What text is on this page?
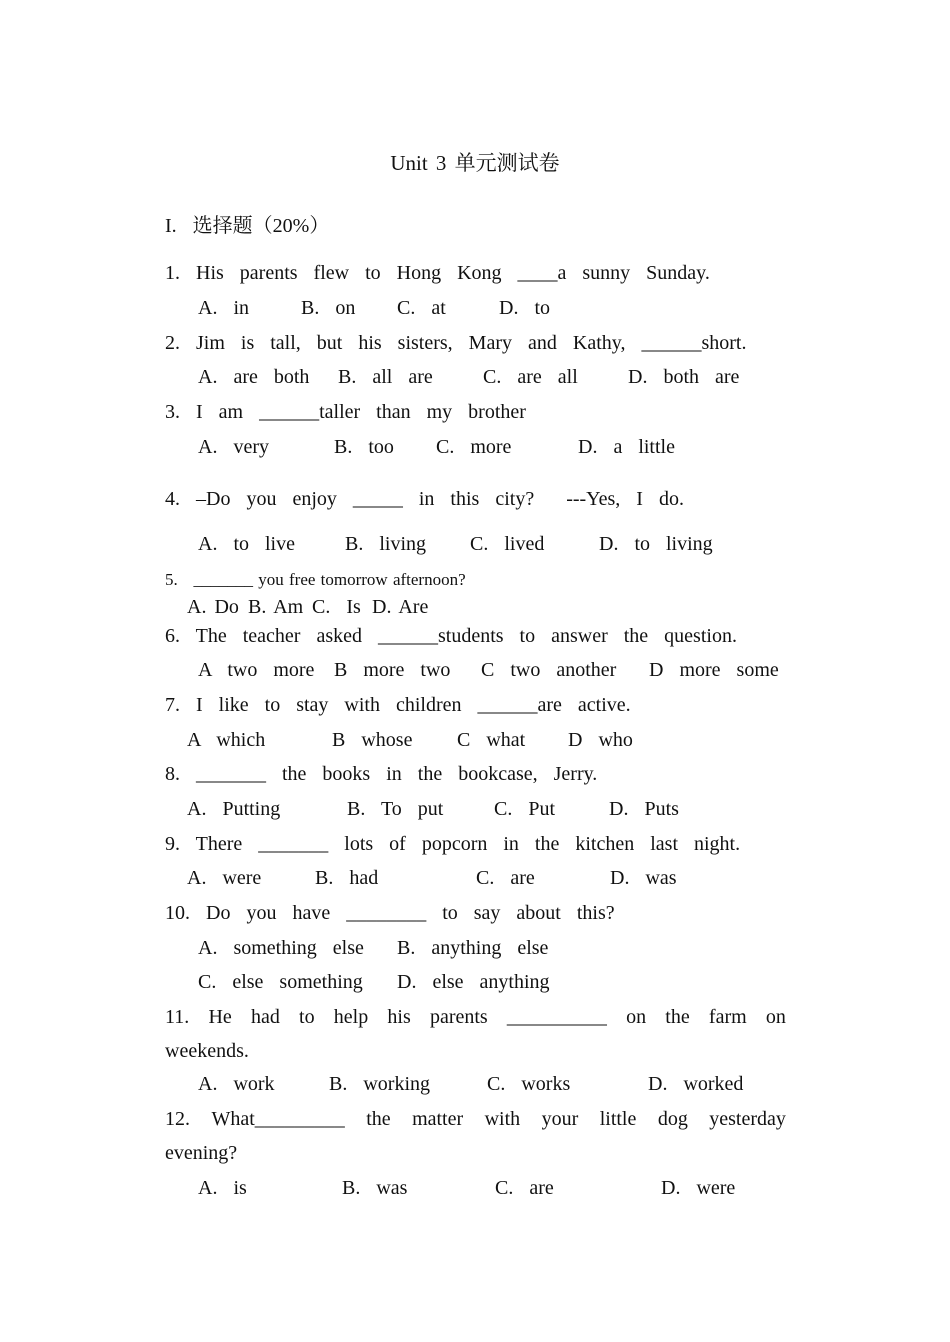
Unit 3 单元测试卷
I.  选择题（20%）
1.  His  parents  flew  to  Hong  Kong  ____a  sunny  Sunday.
A.  in	B.  on C.  at	D.  to
2.  Jim  is  tall,  but  his  sisters,  Mary  and  Kathy,  ______short.
A.  are  both B.  all  are	C.  are  all	D.  both  are
3.  I  am  ______taller  than  my  brother
A.  very	B.  too C.  more	D.  a  little
4.  –Do  you  enjoy  _____  in  this  city?    ---Yes,  I  do.
A.  to  live	B.  living C.  lived	D.  to  living
5.   _______ you free tomorrow afternoon?
A. Do B. Am C.  Is D. Are
6.  The  teacher  asked  ______students  to  answer  the  question.
A  two  more B  more  two C  two  another D  more  some
7.  I  like  to  stay  with  children  ______are  active.
A  which	B  whose C  what D  who
8.  _______  the  books  in  the  bookcase,  Jerry.
A.  Putting	B.  To  put	C.  Put	D.  Puts
9.  There  _______  lots  of  popcorn  in  the  kitchen  last  night.
A.  were	B.  had	C.  are	D.  was
10.  Do  you  have  ________  to  say  about  this?
A.  something  else B.  anything  else
C.  else  something D.  else  anything
11. He had to help his parents __________ on the farm on
weekends.
A.  work	B.  working	C.  works	D.  worked
12. What_________ the matter with your little dog yesterday
evening?
A.  is	B.  was	C.  are	D.  were
